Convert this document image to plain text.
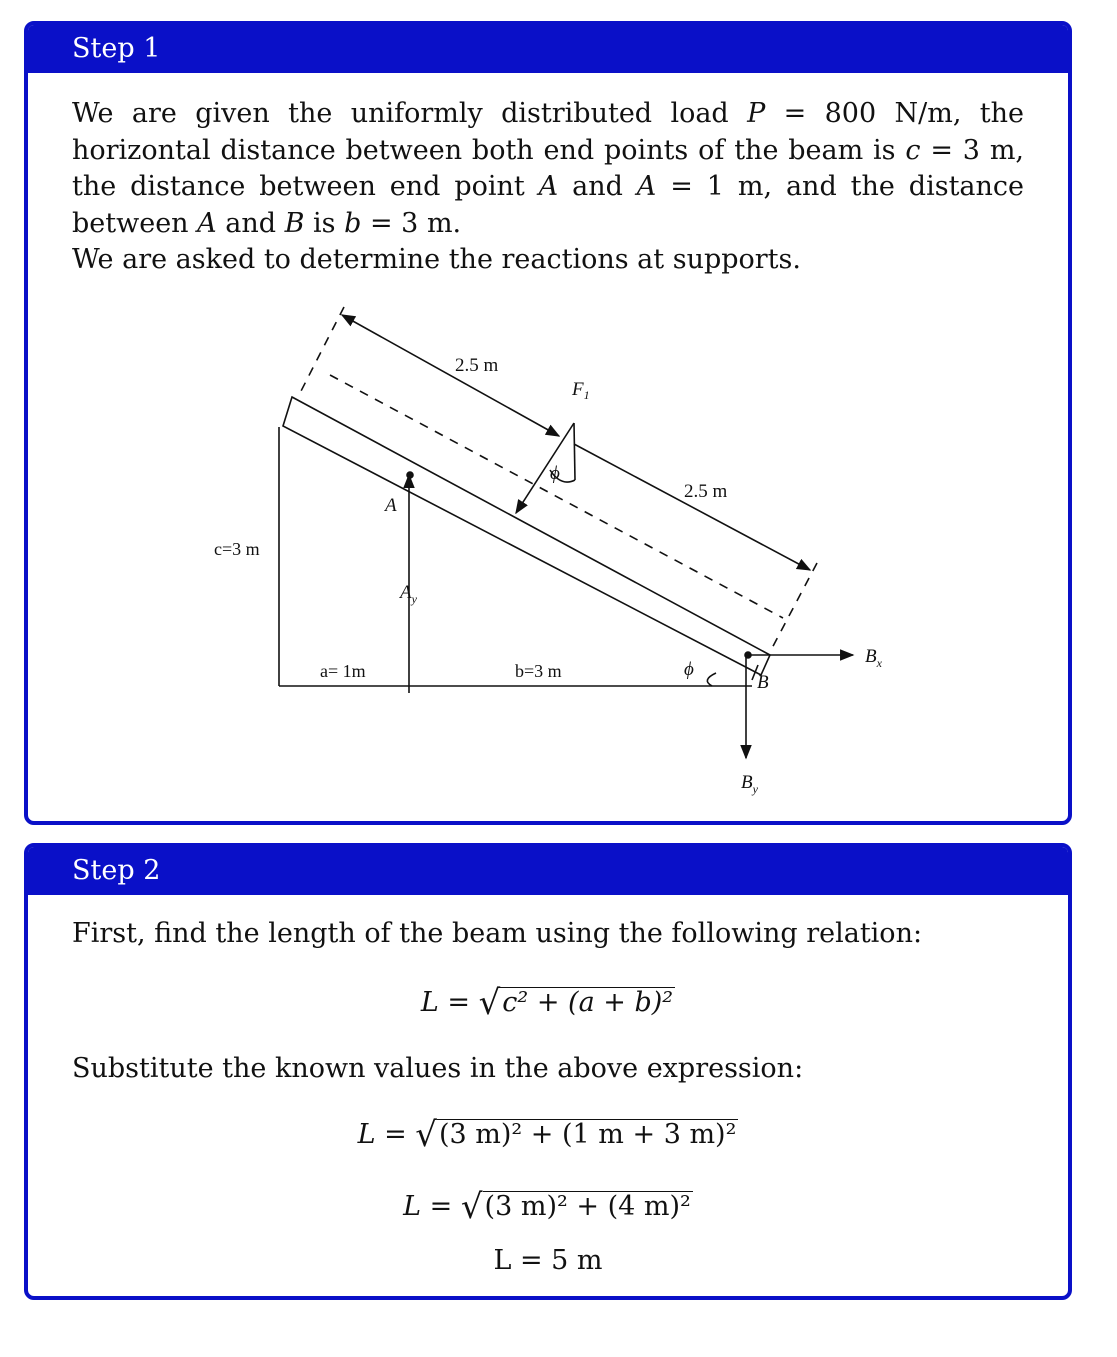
Step 1

We are given the uniformly distributed load P = 800 N/m, the horizontal distance between both end points of the beam is c = 3 m, the distance between end point A and A = 1 m, and the distance between A and B is b = 3 m.

We are asked to determine the reactions at supports.

2.5 m
2.5 m
$F_1$
ϕ
ϕ
A
$A_y$
B
$B_x$
$B_y$
c=3 m
a= 1m	b=3 m
Step 2

First, find the length of the beam using the following relation:

L = √c² + (a + b)²

Substitute the known values in the above expression:

L = √(3 m)² + (1 m + 3 m)²
L = √(3 m)² + (4 m)²
L = 5 m
